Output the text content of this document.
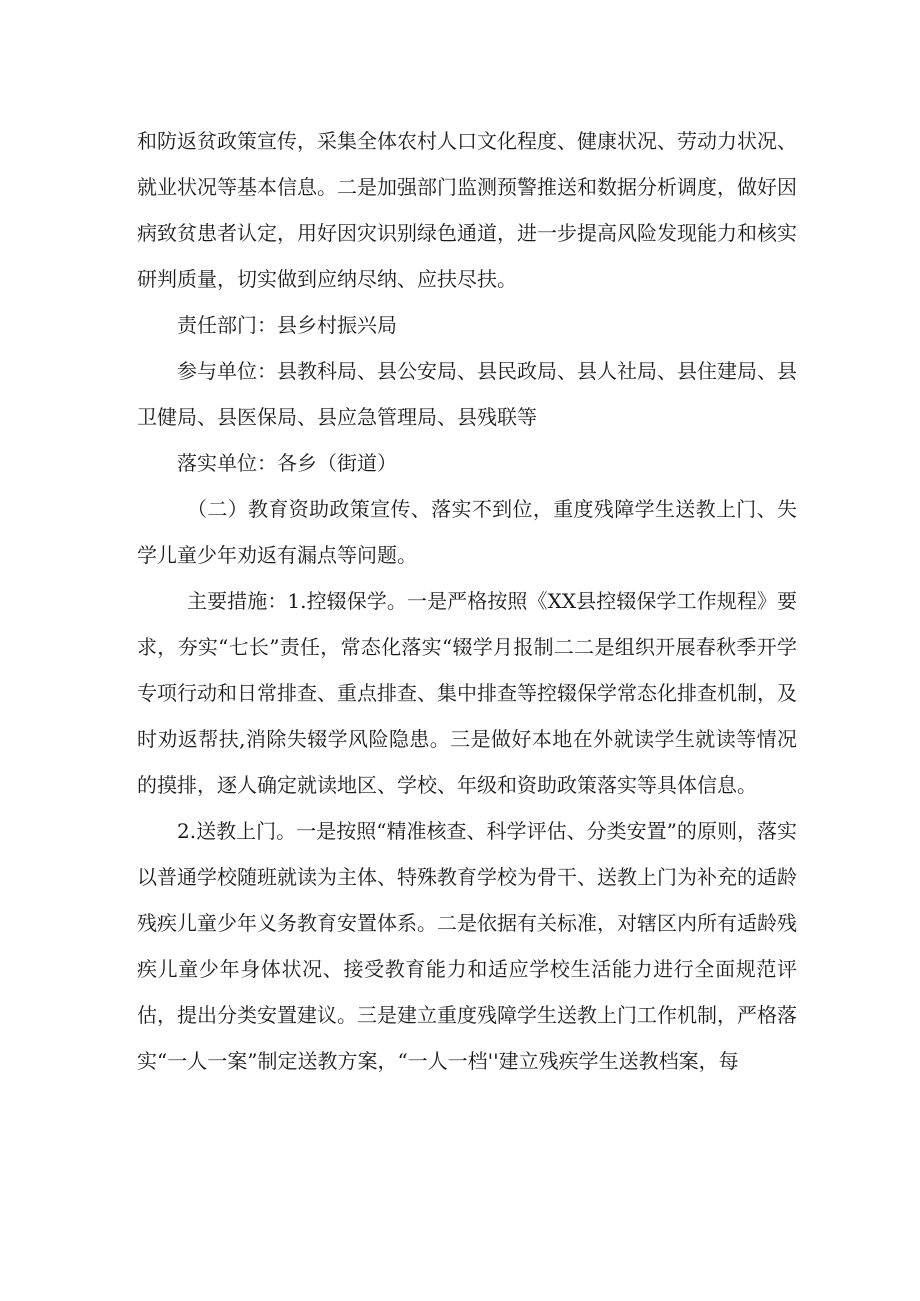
和防返贫政策宣传，采集全体农村人口文化程度、健康状况、劳动力状况、就业状况等基本信息。二是加强部门监测预警推送和数据分析调度，做好因病致贫患者认定，用好因灾识别绿色通道，进一步提高风险发现能力和核实研判质量，切实做到应纳尽纳、应扶尽扶。

责任部门：县乡村振兴局

参与单位：县教科局、县公安局、县民政局、县人社局、县住建局、县卫健局、县医保局、县应急管理局、县残联等

落实单位：各乡（街道）

（二）教育资助政策宣传、落实不到位，重度残障学生送教上门、失学儿童少年劝返有漏点等问题。

主要措施：1.控辍保学。一是严格按照《XX县控辍保学工作规程》要求，夯实“七长”责任，常态化落实“辍学月报制二二是组织开展春秋季开学专项行动和日常排查、重点排查、集中排查等控辍保学常态化排查机制，及时劝返帮扶,消除失辍学风险隐患。三是做好本地在外就读学生就读等情况的摸排，逐人确定就读地区、学校、年级和资助政策落实等具体信息。

2.送教上门。一是按照“精准核查、科学评估、分类安置”的原则，落实以普通学校随班就读为主体、特殊教育学校为骨干、送教上门为补充的适龄残疾儿童少年义务教育安置体系。二是依据有关标准，对辖区内所有适龄残疾儿童少年身体状况、接受教育能力和适应学校生活能力进行全面规范评估，提出分类安置建议。三是建立重度残障学生送教上门工作机制，严格落实“一人一案”制定送教方案，“一人一档''建立残疾学生送教档案，每
